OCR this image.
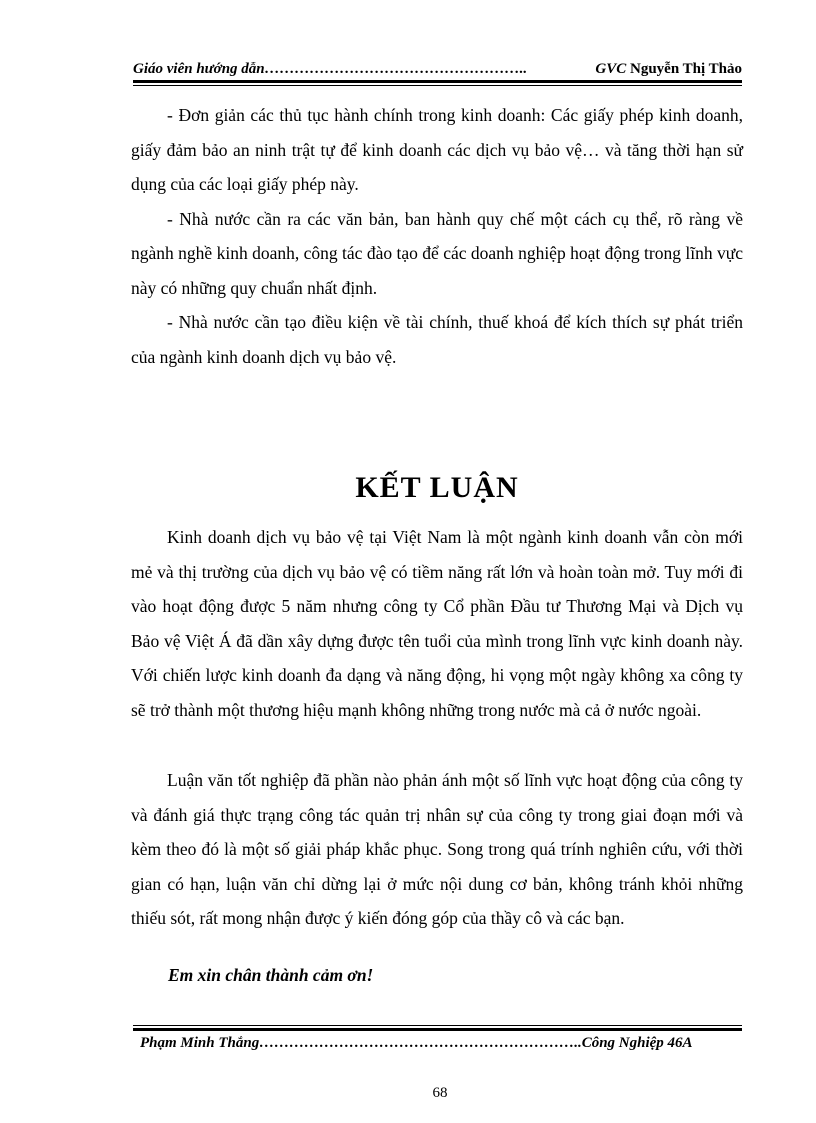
Giáo viên hướng dẫn……………………………………………..	GVC Nguyễn Thị Thảo

- Đơn giản các thủ tục hành chính trong kinh doanh: Các giấy phép kinh doanh, giấy đảm bảo an ninh trật tự để kinh doanh các dịch vụ bảo vệ… và tăng thời hạn sử dụng của các loại giấy phép này.

- Nhà nước cần ra các văn bản, ban hành quy chế một cách cụ thể, rõ ràng về ngành nghề kinh doanh, công tác đào tạo để các doanh nghiệp hoạt động trong lĩnh vực này có những quy chuẩn nhất định.

- Nhà nước cần tạo điều kiện về tài chính, thuế khoá để kích thích sự phát triển của ngành kinh doanh dịch vụ bảo vệ.

KẾT LUẬN

Kinh doanh dịch vụ bảo vệ tại Việt Nam là một ngành kinh doanh vẫn còn mới mẻ và thị trường của dịch vụ bảo vệ có tiềm năng rất lớn và hoàn toàn mở. Tuy mới đi vào hoạt động được 5 năm nhưng công ty Cổ phần Đầu tư Thương Mại và Dịch vụ Bảo vệ Việt Á đã dần xây dựng được tên tuổi của mình trong lĩnh vực kinh doanh này. Với chiến lược kinh doanh đa dạng và năng động, hi vọng một ngày không xa công ty sẽ trở thành một thương hiệu mạnh không những trong nước mà cả ở nước ngoài.

Luận văn tốt nghiệp đã phần nào phản ánh một số lĩnh vực hoạt động của công ty và đánh giá thực trạng công tác quản trị nhân sự của công ty trong giai đoạn mới và kèm theo đó là một số giải pháp khắc phục. Song trong quá trính nghiên cứu, với thời gian có hạn, luận văn chỉ dừng lại ở mức nội dung cơ bản, không tránh khỏi những thiếu sót, rất mong nhận được ý kiến đóng góp của thầy cô và các bạn.

Em xin chân thành cảm ơn!
Phạm Minh Thắng………………………………………………………..Công Nghiệp 46A
68
